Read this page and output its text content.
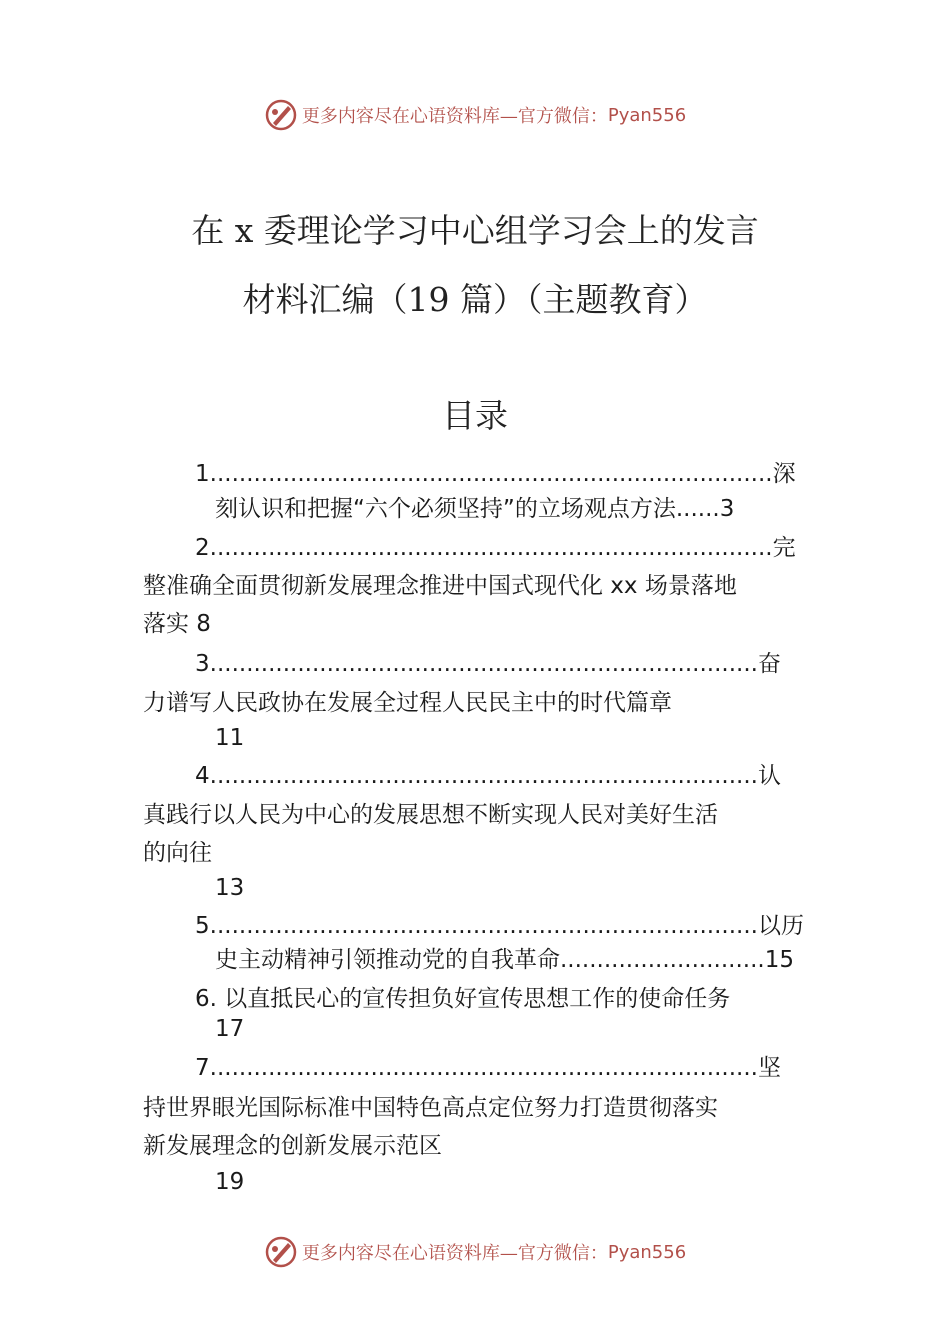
更多内容尽在心语资料库—官方微信： Pyan556
在 x 委理论学习中心组学习会上的发言
材料汇编（19 篇）（主题教育）
目录
1.............................................................................深
刻认识和把握“六个必须坚持”的立场观点方法......3
2.............................................................................完
整准确全面贯彻新发展理念推进中国式现代化 xx 场景落地
落实 8
3...........................................................................奋
力谱写人民政协在发展全过程人民民主中的时代篇章
11
4...........................................................................认
真践行以人民为中心的发展思想不断实现人民对美好生活
的向往
13
5...........................................................................以历
史主动精神引领推动党的自我革命............................15
6. 以直抵民心的宣传担负好宣传思想工作的使命任务
17
7...........................................................................坚
持世界眼光国际标准中国特色高点定位努力打造贯彻落实
新发展理念的创新发展示范区
19
更多内容尽在心语资料库—官方微信： Pyan556
